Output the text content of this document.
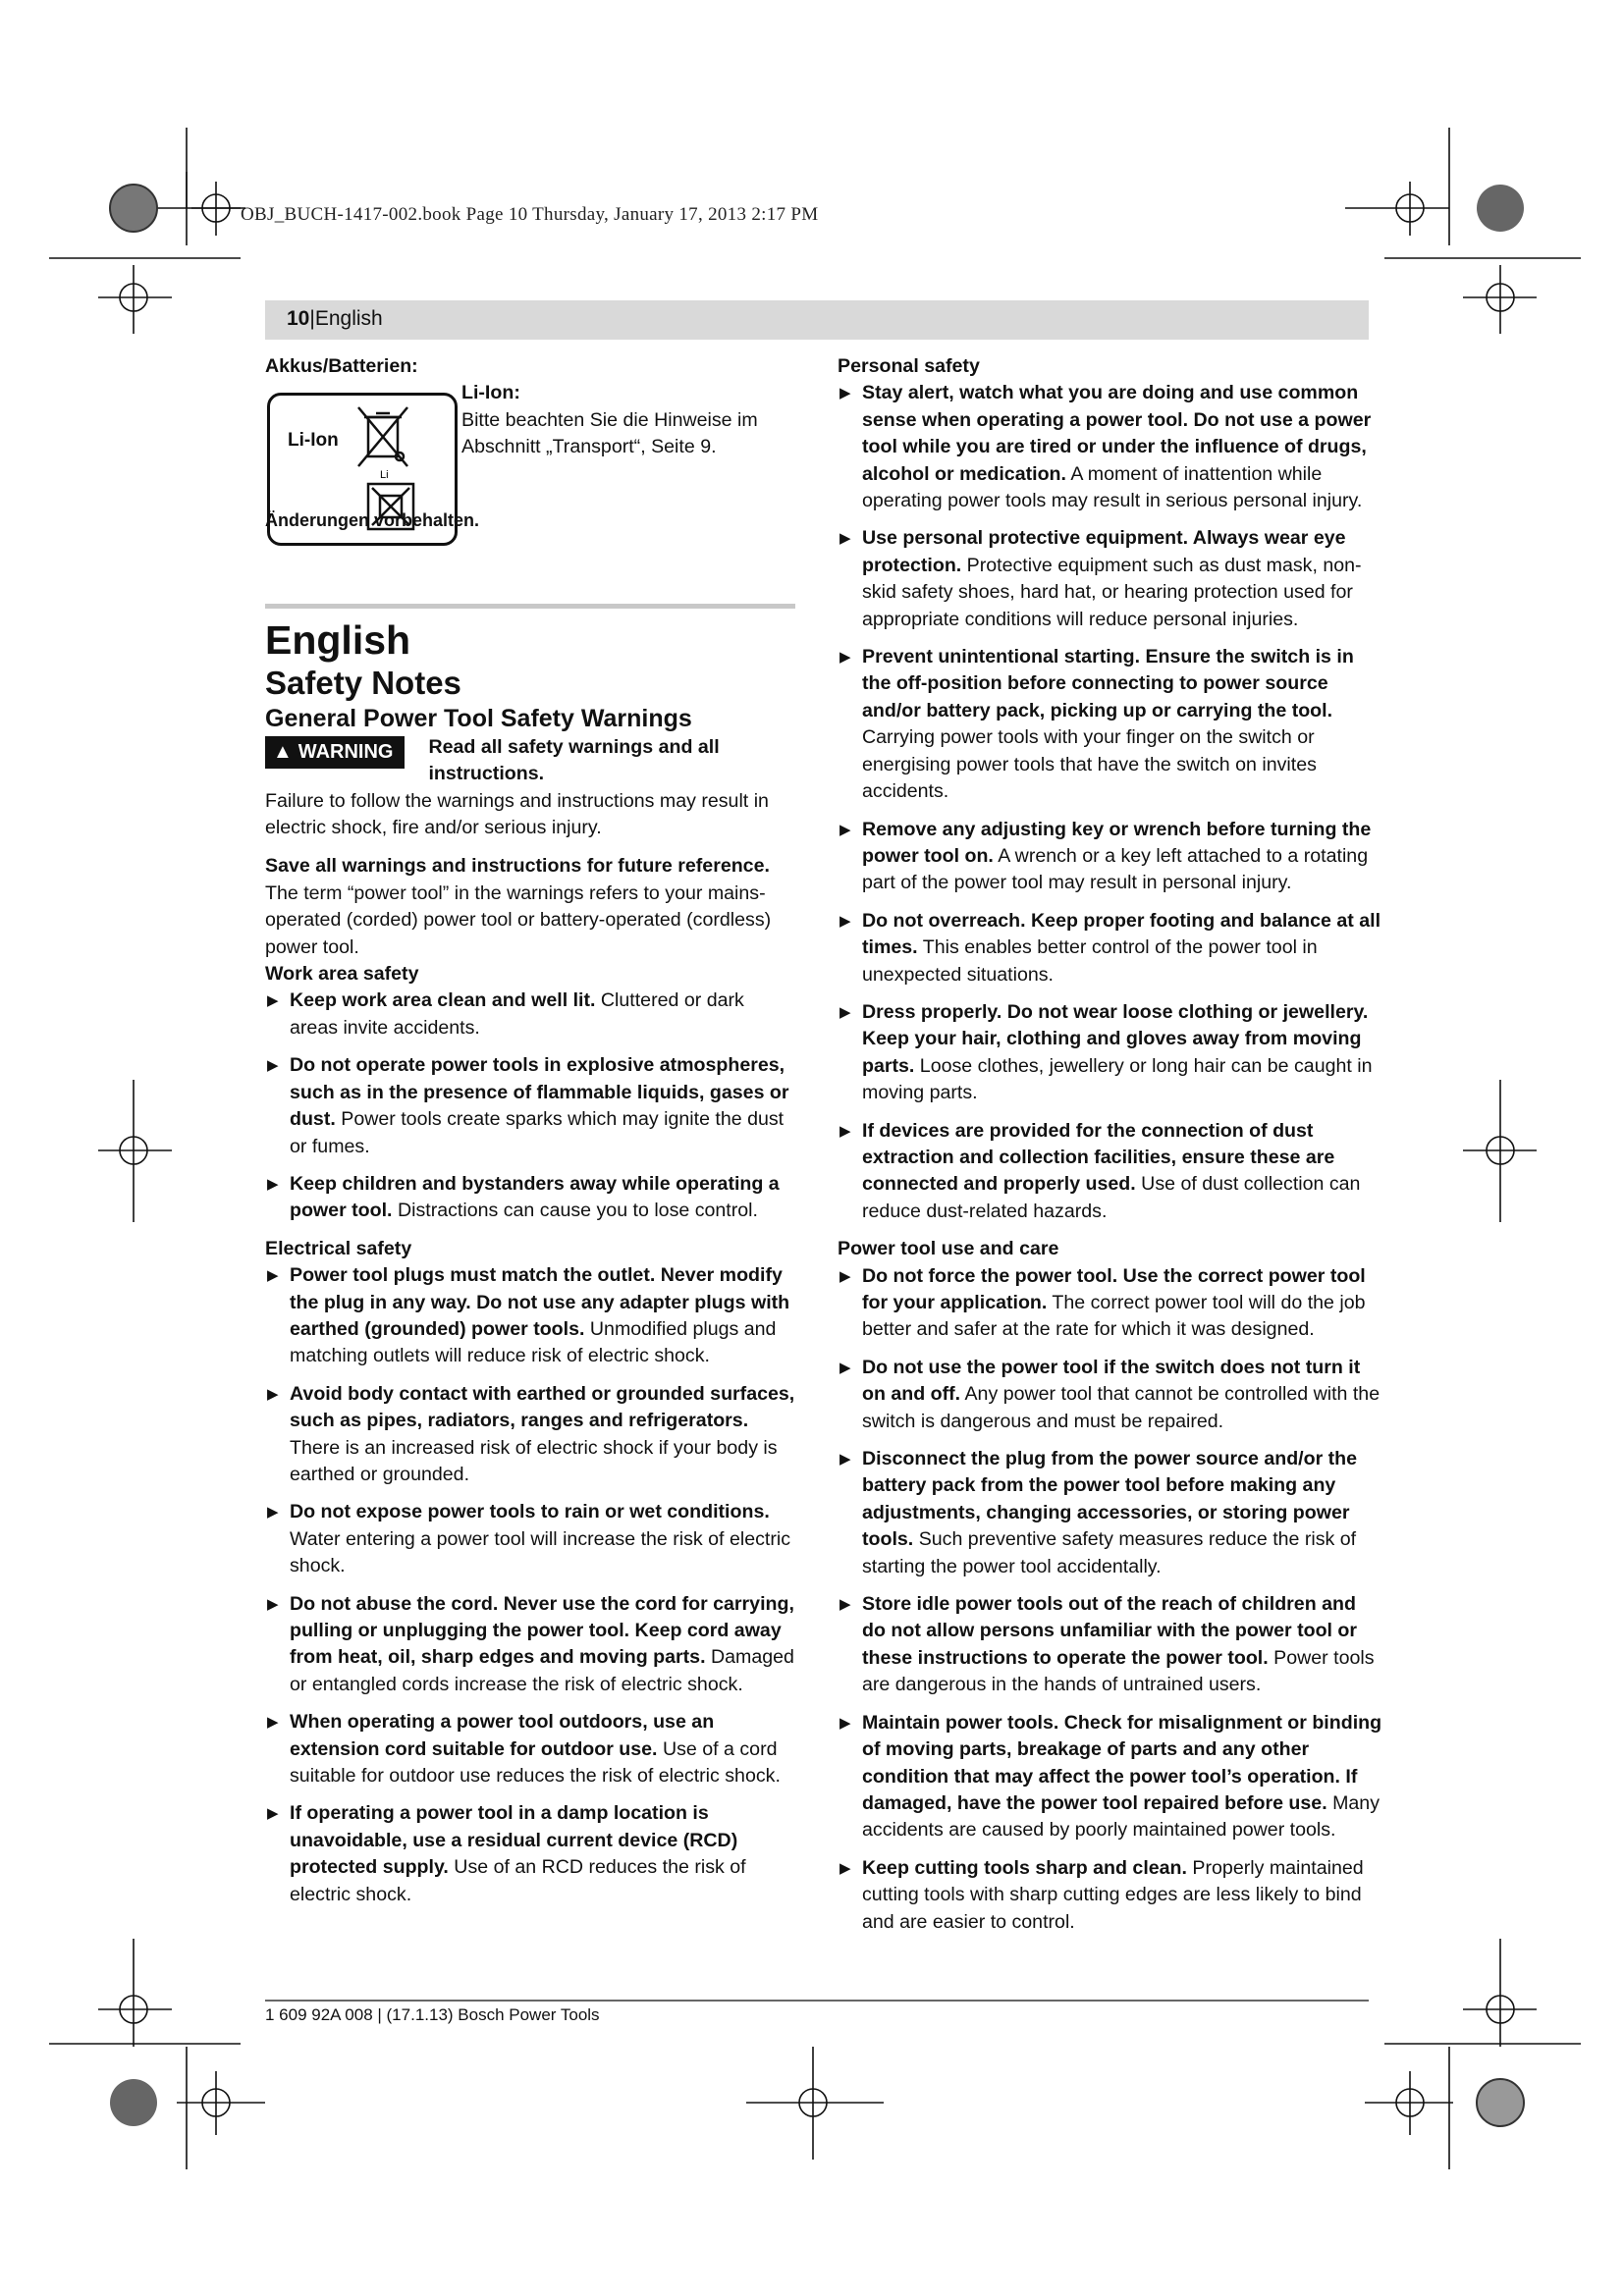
OBJ_BUCH-1417-002.book Page 10 Thursday, January 17, 2013 2:17 PM
10|English
Li-Ion
Li

Akkus/Batterien:

Li-Ion:

Bitte beachten Sie die Hinweise im Abschnitt „Transport“, Seite 9.

Änderungen vorbehalten.

English

Safety Notes

General Power Tool Safety Warnings

▲ WARNING Read all safety warnings and all instructions.

Failure to follow the warnings and instructions may result in electric shock, fire and/or serious injury.

Save all warnings and instructions for future reference.

The term “power tool” in the warnings refers to your mains-operated (corded) power tool or battery-operated (cordless) power tool.

Work area safety

▶ Keep work area clean and well lit. Cluttered or dark areas invite accidents.
▶ Do not operate power tools in explosive atmospheres, such as in the presence of flammable liquids, gases or dust. Power tools create sparks which may ignite the dust or fumes.
▶ Keep children and bystanders away while operating a power tool. Distractions can cause you to lose control.

Electrical safety

▶ Power tool plugs must match the outlet. Never modify the plug in any way. Do not use any adapter plugs with earthed (grounded) power tools. Unmodified plugs and matching outlets will reduce risk of electric shock.
▶ Avoid body contact with earthed or grounded surfaces, such as pipes, radiators, ranges and refrigerators. There is an increased risk of electric shock if your body is earthed or grounded.
▶ Do not expose power tools to rain or wet conditions. Water entering a power tool will increase the risk of electric shock.
▶ Do not abuse the cord. Never use the cord for carrying, pulling or unplugging the power tool. Keep cord away from heat, oil, sharp edges and moving parts. Damaged or entangled cords increase the risk of electric shock.
▶ When operating a power tool outdoors, use an extension cord suitable for outdoor use. Use of a cord suitable for outdoor use reduces the risk of electric shock.
▶ If operating a power tool in a damp location is unavoidable, use a residual current device (RCD) protected supply. Use of an RCD reduces the risk of electric shock.

Personal safety

▶ Stay alert, watch what you are doing and use common sense when operating a power tool. Do not use a power tool while you are tired or under the influence of drugs, alcohol or medication. A moment of inattention while operating power tools may result in serious personal injury.
▶ Use personal protective equipment. Always wear eye protection. Protective equipment such as dust mask, non-skid safety shoes, hard hat, or hearing protection used for appropriate conditions will reduce personal injuries.
▶ Prevent unintentional starting. Ensure the switch is in the off-position before connecting to power source and/or battery pack, picking up or carrying the tool. Carrying power tools with your finger on the switch or energising power tools that have the switch on invites accidents.
▶ Remove any adjusting key or wrench before turning the power tool on. A wrench or a key left attached to a rotating part of the power tool may result in personal injury.
▶ Do not overreach. Keep proper footing and balance at all times. This enables better control of the power tool in unexpected situations.
▶ Dress properly. Do not wear loose clothing or jewellery. Keep your hair, clothing and gloves away from moving parts. Loose clothes, jewellery or long hair can be caught in moving parts.
▶ If devices are provided for the connection of dust extraction and collection facilities, ensure these are connected and properly used. Use of dust collection can reduce dust-related hazards.

Power tool use and care

▶ Do not force the power tool. Use the correct power tool for your application. The correct power tool will do the job better and safer at the rate for which it was designed.
▶ Do not use the power tool if the switch does not turn it on and off. Any power tool that cannot be controlled with the switch is dangerous and must be repaired.
▶ Disconnect the plug from the power source and/or the battery pack from the power tool before making any adjustments, changing accessories, or storing power tools. Such preventive safety measures reduce the risk of starting the power tool accidentally.
▶ Store idle power tools out of the reach of children and do not allow persons unfamiliar with the power tool or these instructions to operate the power tool. Power tools are dangerous in the hands of untrained users.
▶ Maintain power tools. Check for misalignment or binding of moving parts, breakage of parts and any other condition that may affect the power tool’s operation. If damaged, have the power tool repaired before use. Many accidents are caused by poorly maintained power tools.
▶ Keep cutting tools sharp and clean. Properly maintained cutting tools with sharp cutting edges are less likely to bind and are easier to control.
1 609 92A 008 | (17.1.13) Bosch Power Tools
